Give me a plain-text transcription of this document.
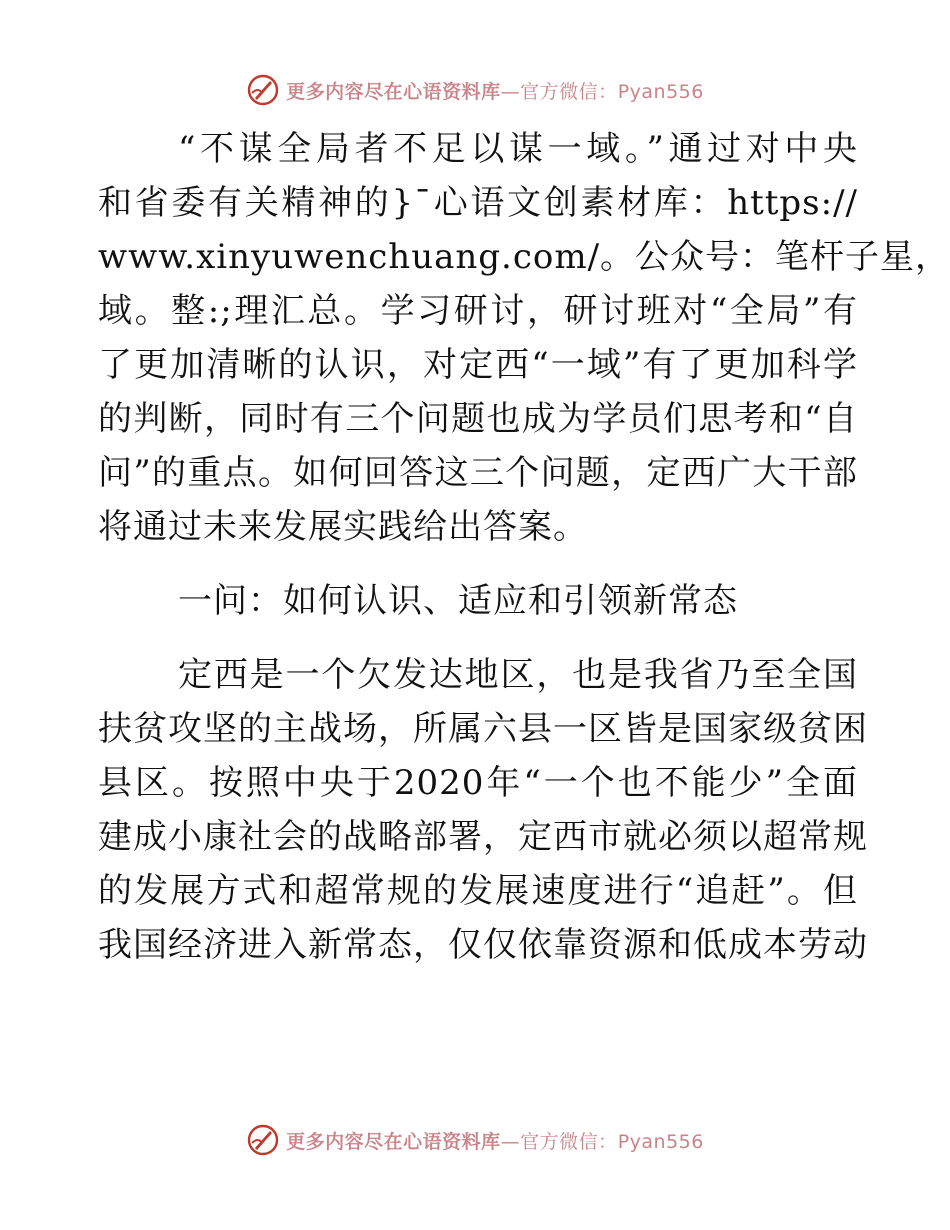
更多内容尽在心语资料库—官方微信：Pyan556
“不谋全局者不足以谋一域。”通过对中央
和省委有关精神的}¯心语文创素材库：https://
www.xinyuwenchuang.com/。公众号：笔杆子星，
域。整:;理汇总。学习研讨，研讨班对“全局”有
了更加清晰的认识，对定西“一域”有了更加科学
的判断，同时有三个问题也成为学员们思考和“自
问”的重点。如何回答这三个问题，定西广大干部
将通过未来发展实践给出答案。
一问：如何认识、适应和引领新常态
定西是一个欠发达地区，也是我省乃至全国
扶贫攻坚的主战场，所属六县一区皆是国家级贫困
县区。按照中央于2020年“一个也不能少”全面
建成小康社会的战略部署，定西市就必须以超常规
的发展方式和超常规的发展速度进行“追赶”。但
我国经济进入新常态，仅仅依靠资源和低成本劳动
更多内容尽在心语资料库—官方微信：Pyan556
